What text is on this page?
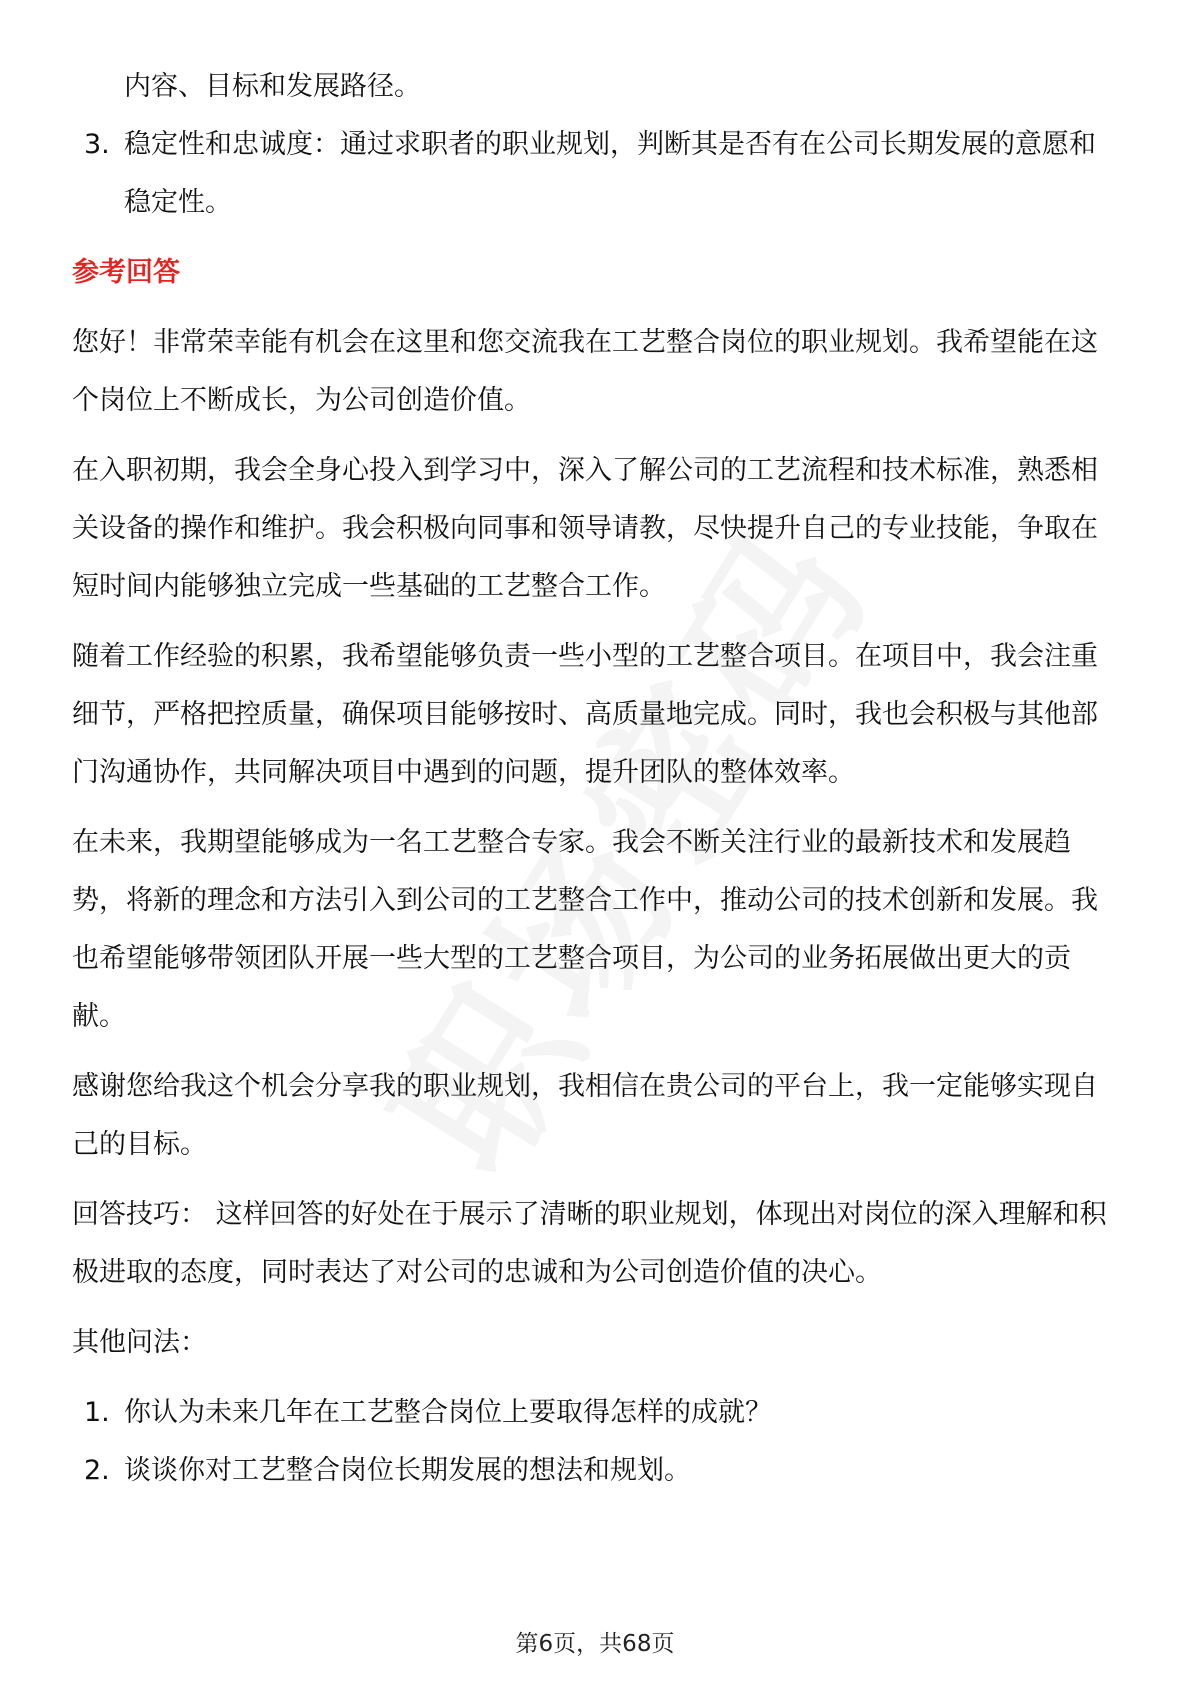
内容、目标和发展路径。
3. 稳定性和忠诚度：通过求职者的职业规划，判断其是否有在公司长期发展的意愿和稳定性。
参考回答
您好！非常荣幸能有机会在这里和您交流我在工艺整合岗位的职业规划。我希望能在这个岗位上不断成长，为公司创造价值。
在入职初期，我会全身心投入到学习中，深入了解公司的工艺流程和技术标准，熟悉相关设备的操作和维护。我会积极向同事和领导请教，尽快提升自己的专业技能，争取在短时间内能够独立完成一些基础的工艺整合工作。
随着工作经验的积累，我希望能够负责一些小型的工艺整合项目。在项目中，我会注重细节，严格把控质量，确保项目能够按时、高质量地完成。同时，我也会积极与其他部门沟通协作，共同解决项目中遇到的问题，提升团队的整体效率。
在未来，我期望能够成为一名工艺整合专家。我会不断关注行业的最新技术和发展趋势，将新的理念和方法引入到公司的工艺整合工作中，推动公司的技术创新和发展。我也希望能够带领团队开展一些大型的工艺整合项目，为公司的业务拓展做出更大的贡献。
感谢您给我这个机会分享我的职业规划，我相信在贵公司的平台上，我一定能够实现自己的目标。
回答技巧： 这样回答的好处在于展示了清晰的职业规划，体现出对岗位的深入理解和积极进取的态度，同时表达了对公司的忠诚和为公司创造价值的决心。
其他问法：
1. 你认为未来几年在工艺整合岗位上要取得怎样的成就？
2. 谈谈你对工艺整合岗位长期发展的想法和规划。
第6页，共68页
